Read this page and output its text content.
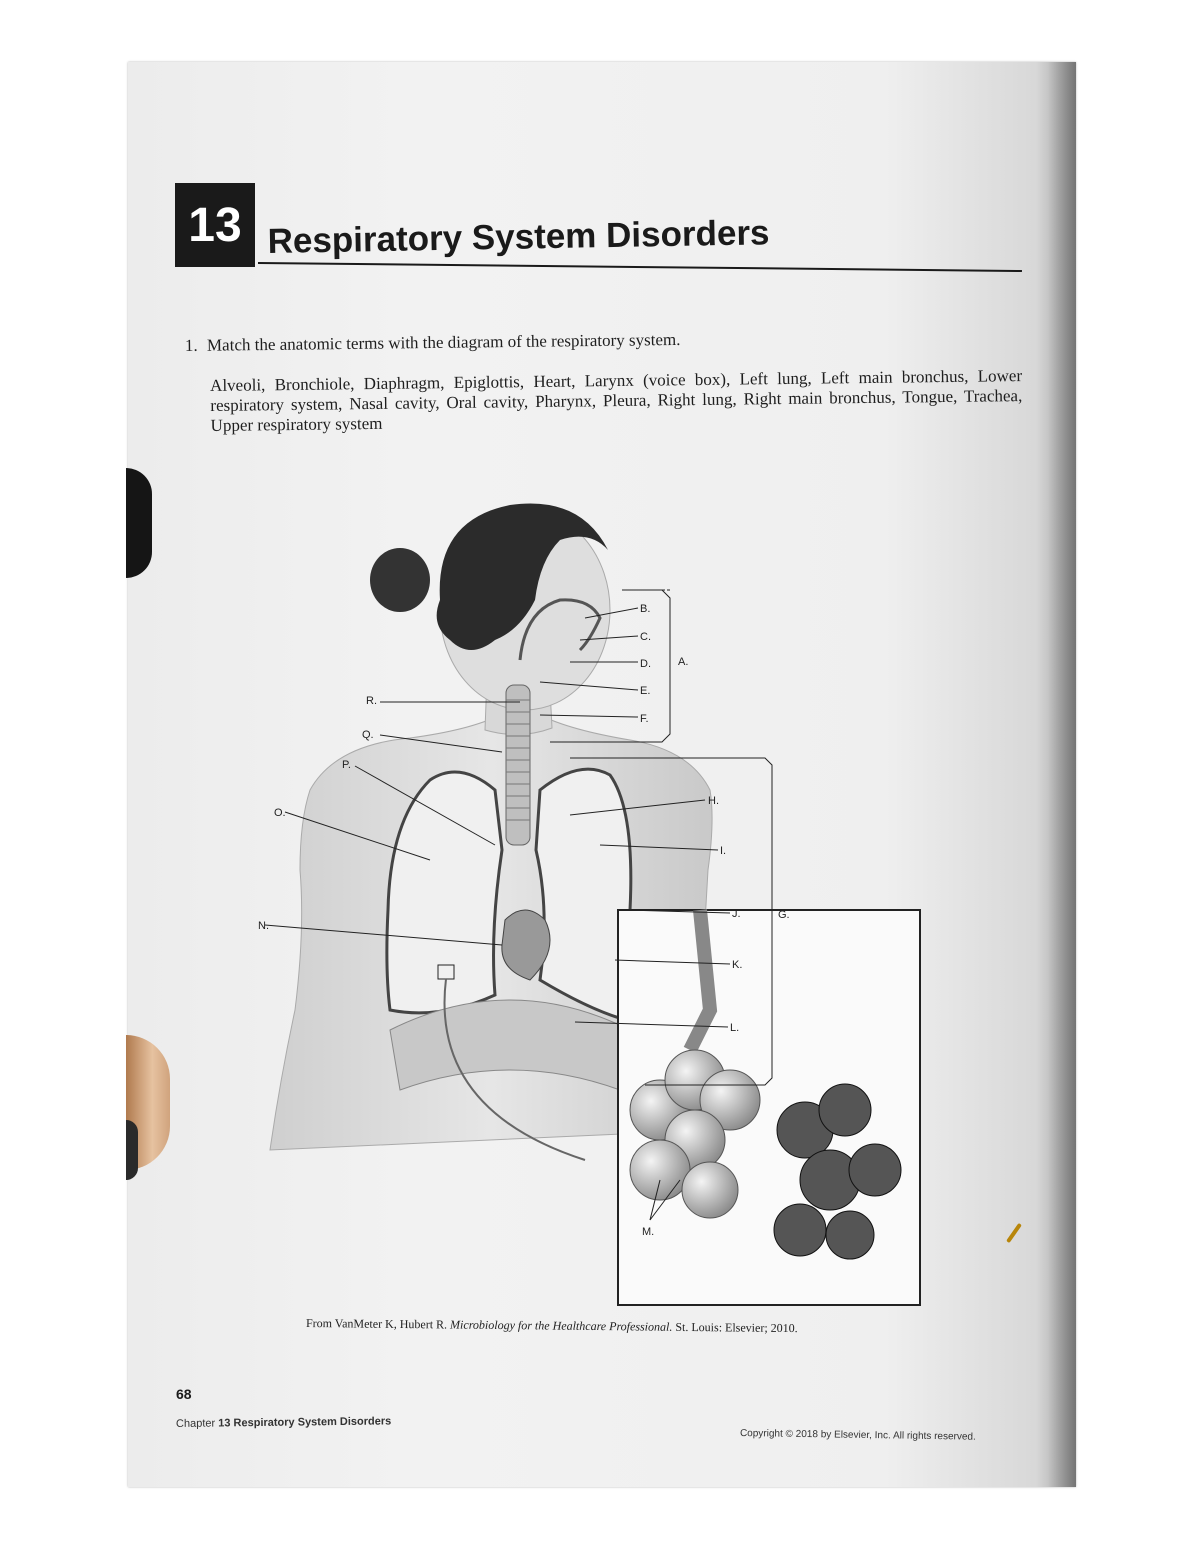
13 Respiratory System Disorders
1. Match the anatomic terms with the diagram of the respiratory system.
Alveoli, Bronchiole, Diaphragm, Epiglottis, Heart, Larynx (voice box), Left lung, Left main bronchus, Lower respiratory system, Nasal cavity, Oral cavity, Pharynx, Pleura, Right lung, Right main bronchus, Tongue, Trachea, Upper respiratory system
A.
B.
C.
D.
E.
F.
G.
H.
I.
J.
K.
L.
M.
N.
O.
P.
Q.
R.
From VanMeter K, Hubert R. Microbiology for the Healthcare Professional. St. Louis: Elsevier; 2010.
68
Chapter 13 Respiratory System Disorders
Copyright © 2018 by Elsevier, Inc. All rights reserved.
